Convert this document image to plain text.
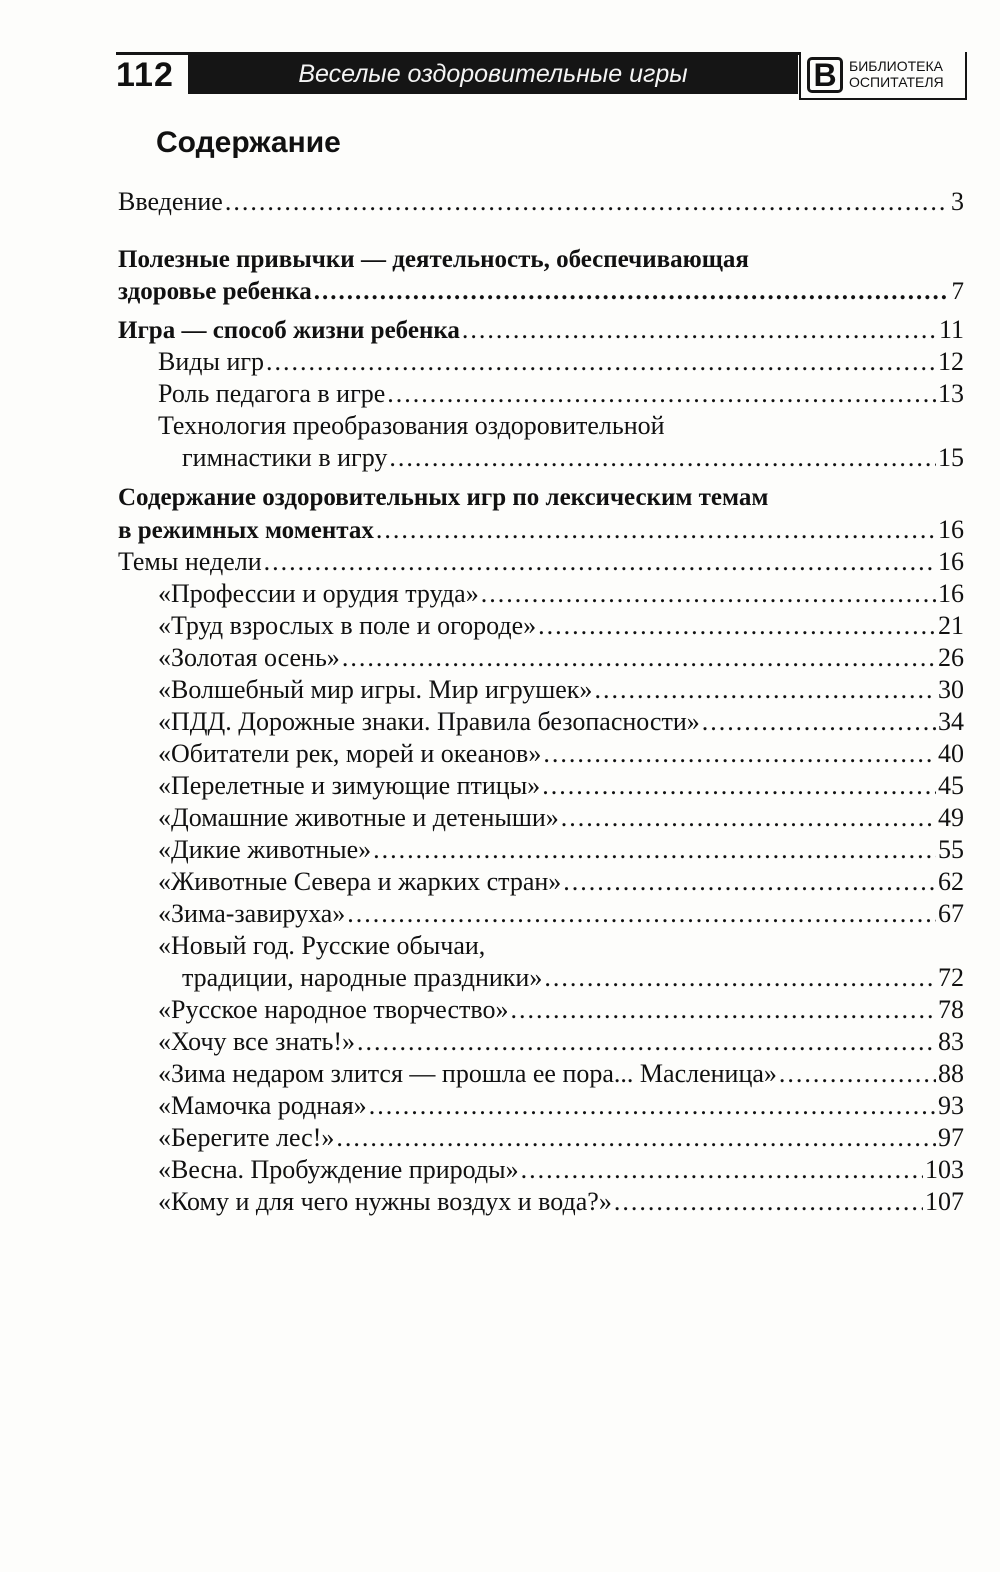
112	Веселые оздоровительные игры	В БИБЛИОТЕКА
ОСПИТАТЕЛЯ
Содержание
Введение .....	3
Полезные привычки — деятельность, обеспечивающая
здоровье ребенка .....	7
Игра — способ жизни ребенка .....	11
Виды игр .....	12
Роль педагога в игре .....	13
Технология преобразования оздоровительной
гимнастики в игру .....	15
Содержание оздоровительных игр по лексическим темам
в режимных моментах .....	16
Темы недели .....	16
«Профессии и орудия труда» .....	16
«Труд взрослых в поле и огороде» .....	21
«Золотая осень» .....	26
«Волшебный мир игры. Мир игрушек» .....	30
«ПДД. Дорожные знаки. Правила безопасности» .....	34
«Обитатели рек, морей и океанов» .....	40
«Перелетные и зимующие птицы» .....	45
«Домашние животные и детеныши» .....	49
«Дикие животные» .....	55
«Животные Севера и жарких стран» .....	62
«Зима-завируха» .....	67
«Новый год. Русские обычаи,
традиции, народные праздники» .....	72
«Русское народное творчество» .....	78
«Хочу все знать!» .....	83
«Зима недаром злится — прошла ее пора... Масленица» .....	88
«Мамочка родная» .....	93
«Берегите лес!» .....	97
«Весна. Пробуждение природы» .....	103
«Кому и для чего нужны воздух и вода?» .....	107
